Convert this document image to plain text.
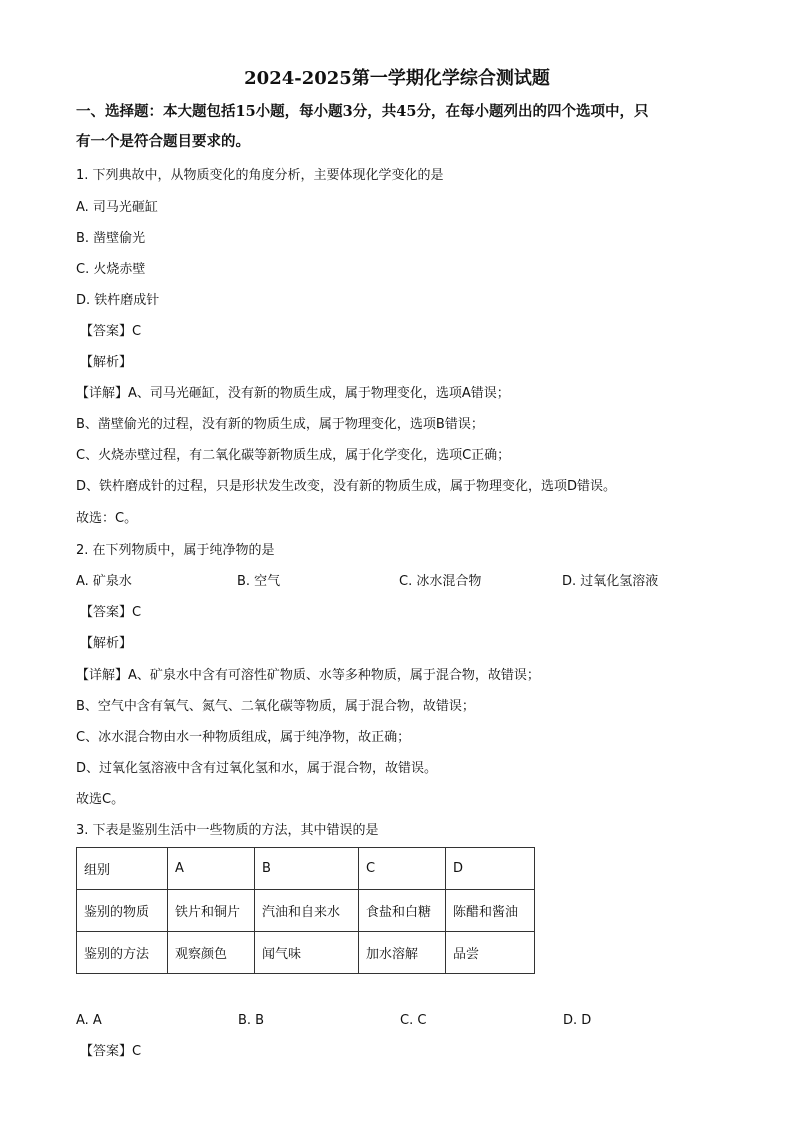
2024-2025第一学期化学综合测试题
一、选择题：本大题包括15小题，每小题3分，共45分，在每小题列出的四个选项中，只
有一个是符合题目要求的。
1. 下列典故中，从物质变化的角度分析，主要体现化学变化的是
A. 司马光砸缸
B. 凿壁偷光
C. 火烧赤壁
D. 铁杵磨成针
【答案】C
【解析】
【详解】A、司马光砸缸，没有新的物质生成，属于物理变化，选项A错误；
B、凿壁偷光的过程，没有新的物质生成，属于物理变化，选项B错误；
C、火烧赤壁过程，有二氧化碳等新物质生成，属于化学变化，选项C正确；
D、铁杵磨成针的过程，只是形状发生改变，没有新的物质生成，属于物理变化，选项D错误。
故选：C。
2. 在下列物质中，属于纯净物的是
A. 矿泉水	B. 空气	C. 冰水混合物	D. 过氧化氢溶液
【答案】C
【解析】
【详解】A、矿泉水中含有可溶性矿物质、水等多种物质，属于混合物，故错误；
B、空气中含有氧气、氮气、二氧化碳等物质，属于混合物，故错误；
C、冰水混合物由水一种物质组成，属于纯净物，故正确；
D、过氧化氢溶液中含有过氧化氢和水，属于混合物，故错误。
故选C。
3. 下表是鉴别生活中一些物质的方法，其中错误的是
组别	A	B	C	D
鉴别的物质	铁片和铜片	汽油和自来水	食盐和白糖	陈醋和酱油
鉴别的方法	观察颜色	闻气味	加水溶解	品尝
A. A	B. B	C. C	D. D
【答案】C
